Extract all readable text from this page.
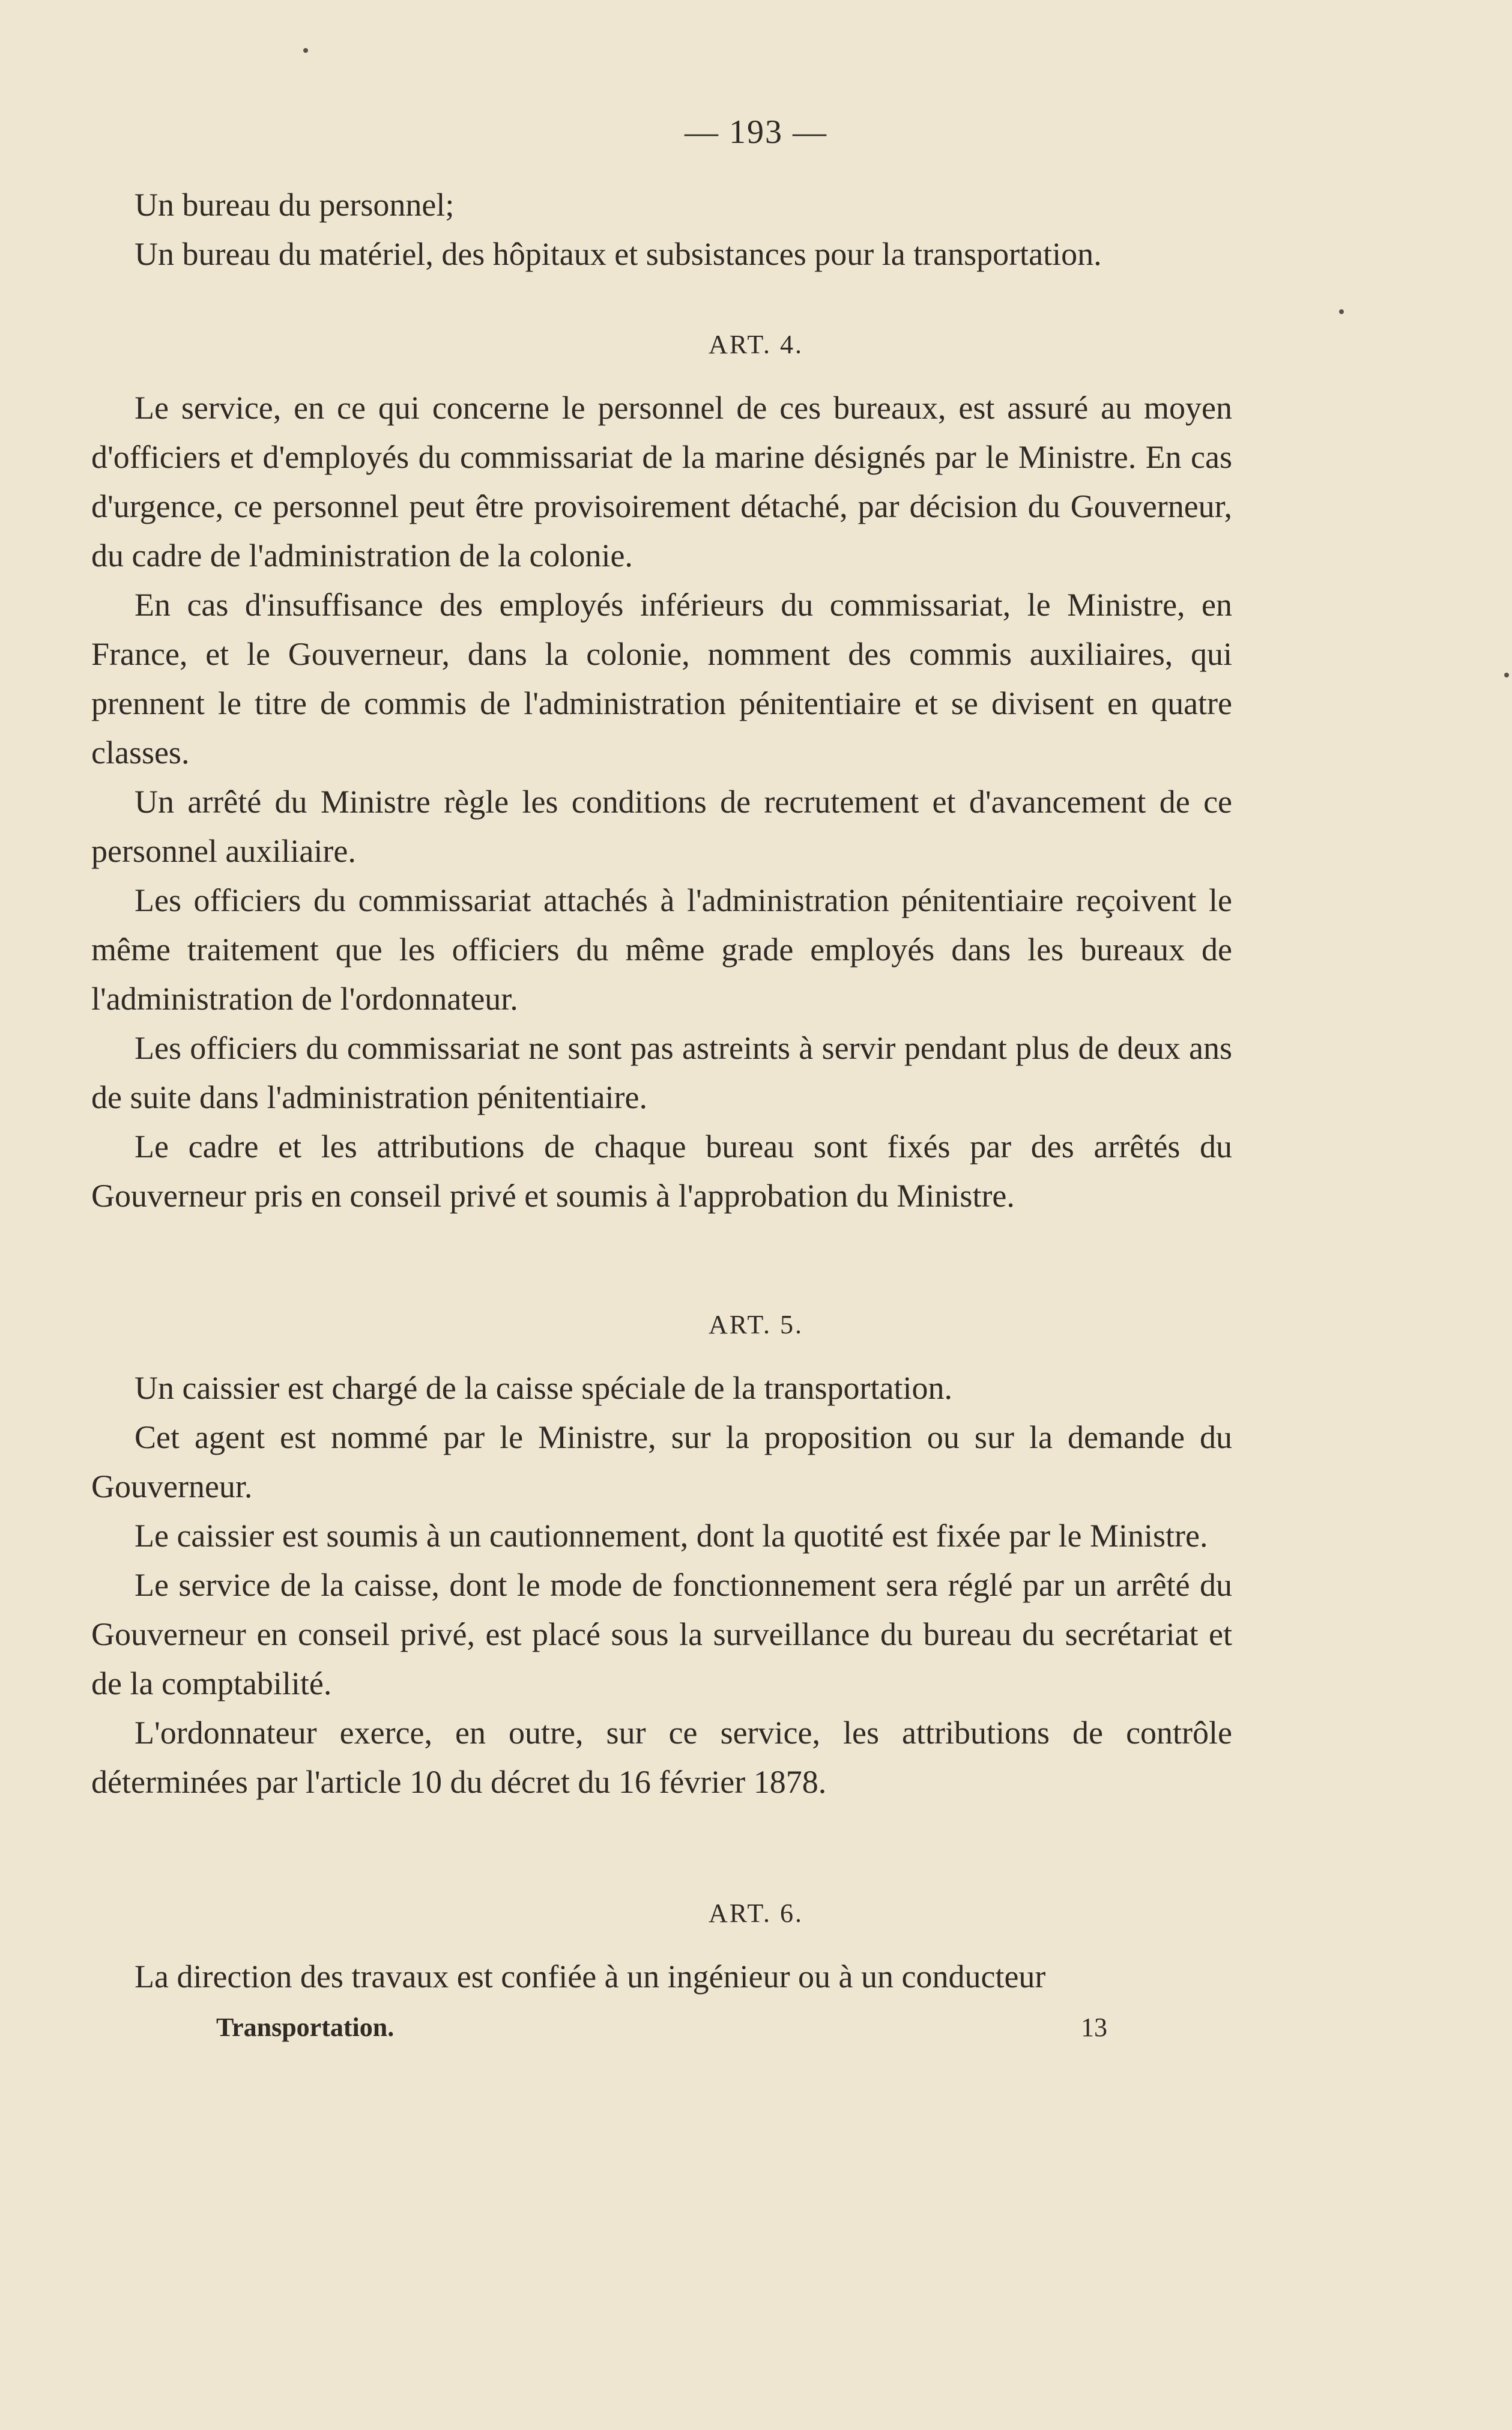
— 193 —

Un bureau du personnel;

Un bureau du matériel, des hôpitaux et subsistances pour la transportation.

ART. 4.

Le service, en ce qui concerne le personnel de ces bureaux, est assuré au moyen d'officiers et d'employés du commissariat de la marine désignés par le Ministre. En cas d'urgence, ce personnel peut être provisoirement détaché, par décision du Gouverneur, du cadre de l'administration de la colonie.

En cas d'insuffisance des employés inférieurs du commissariat, le Ministre, en France, et le Gouverneur, dans la colonie, nomment des commis auxiliaires, qui prennent le titre de commis de l'administration pénitentiaire et se divisent en quatre classes.

Un arrêté du Ministre règle les conditions de recrutement et d'avancement de ce personnel auxiliaire.

Les officiers du commissariat attachés à l'administration pénitentiaire reçoivent le même traitement que les officiers du même grade employés dans les bureaux de l'administration de l'ordonnateur.

Les officiers du commissariat ne sont pas astreints à servir pendant plus de deux ans de suite dans l'administration pénitentiaire.

Le cadre et les attributions de chaque bureau sont fixés par des arrêtés du Gouverneur pris en conseil privé et soumis à l'approbation du Ministre.

ART. 5.

Un caissier est chargé de la caisse spéciale de la transportation.

Cet agent est nommé par le Ministre, sur la proposition ou sur la demande du Gouverneur.

Le caissier est soumis à un cautionnement, dont la quotité est fixée par le Ministre.

Le service de la caisse, dont le mode de fonctionnement sera réglé par un arrêté du Gouverneur en conseil privé, est placé sous la surveillance du bureau du secrétariat et de la comptabilité.

L'ordonnateur exerce, en outre, sur ce service, les attributions de contrôle déterminées par l'article 10 du décret du 16 février 1878.

ART. 6.

La direction des travaux est confiée à un ingénieur ou à un conducteur

Transportation.	13
